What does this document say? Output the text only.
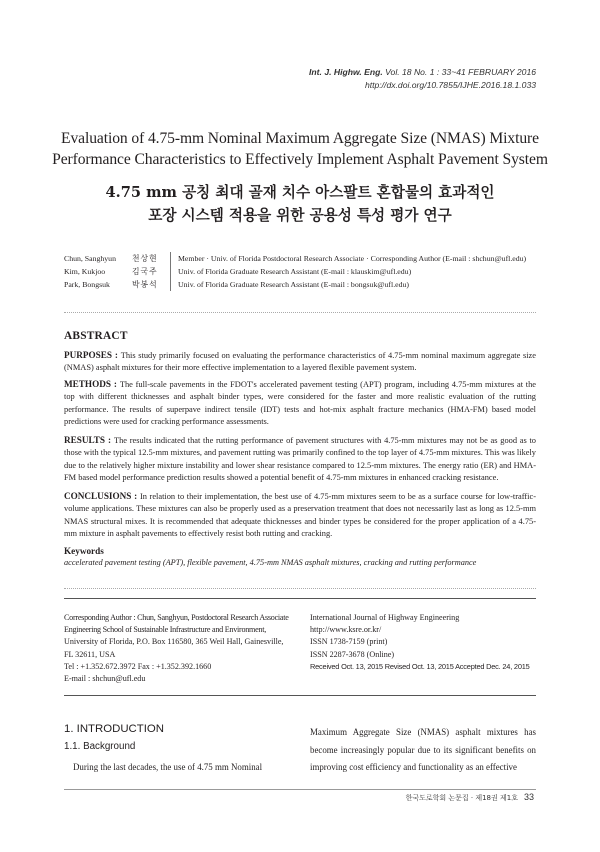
Int. J. Highw. Eng. Vol. 18 No. 1 : 33~41 FEBRUARY 2016
http://dx.doi.org/10.7855/IJHE.2016.18.1.033
Evaluation of 4.75-mm Nominal Maximum Aggregate Size (NMAS) Mixture
Performance Characteristics to Effectively Implement Asphalt Pavement System
4.75 mm 공칭 최대 골재 치수 아스팔트 혼합물의 효과적인
포장 시스템 적용을 위한 공용성 특성 평가 연구
Chun, Sanghyun	천상현	Member · Univ. of Florida Postdoctoral Research Associate · Corresponding Author (E-mail : shchun@ufl.edu)
Kim, Kukjoo	김국주	Univ. of Florida Graduate Research Assistant (E-mail : klauskim@ufl.edu)
Park, Bongsuk	박봉석	Univ. of Florida Graduate Research Assistant (E-mail : bongsuk@ufl.edu)
ABSTRACT
PURPOSES : This study primarily focused on evaluating the performance characteristics of 4.75-mm nominal maximum aggregate size (NMAS) asphalt mixtures for their more effective implementation to a layered flexible pavement system.
METHODS : The full-scale pavements in the FDOT's accelerated pavement testing (APT) program, including 4.75-mm mixtures at the top with different thicknesses and asphalt binder types, were considered for the faster and more realistic evaluation of the rutting performance. The results of superpave indirect tensile (IDT) tests and hot-mix asphalt fracture mechanics (HMA-FM) based model predictions were used for cracking performance assessments.
RESULTS : The results indicated that the rutting performance of pavement structures with 4.75-mm mixtures may not be as good as to those with the typical 12.5-mm mixtures, and pavement rutting was primarily confined to the top layer of 4.75-mm mixtures. This was likely due to the relatively higher mixture instability and lower shear resistance compared to 12.5-mm mixtures. The energy ratio (ER) and HMA-FM based model performance prediction results showed a potential benefit of 4.75-mm mixtures in enhanced cracking resistance.
CONCLUSIONS : In relation to their implementation, the best use of 4.75-mm mixtures seem to be as a surface course for low-traffic-volume applications. These mixtures can also be properly used as a preservation treatment that does not necessarily last as long as 12.5-mm NMAS structural mixes. It is recommended that adequate thicknesses and binder types be considered for the proper application of a 4.75-mm mixture in asphalt pavements to effectively resist both rutting and cracking.
Keywords
accelerated pavement testing (APT), flexible pavement, 4.75-mm NMAS asphalt mixtures, cracking and rutting performance
Corresponding Author : Chun, Sanghyun, Postdoctoral Research Associate
Engineering School of Sustainable Infrastructure and Environment,
University of Florida, P.O. Box 116580, 365 Weil Hall, Gainesville,
FL 32611, USA
Tel : +1.352.672.3972 Fax : +1.352.392.1660
E-mail : shchun@ufl.edu
International Journal of Highway Engineering
http://www.ksre.or.kr/
ISSN 1738-7159 (print)
ISSN 2287-3678 (Online)
Received Oct. 13, 2015 Revised Oct. 13, 2015 Accepted Dec. 24, 2015
1. INTRODUCTION
1.1. Background
During the last decades, the use of 4.75 mm Nominal
Maximum Aggregate Size (NMAS) asphalt mixtures has become increasingly popular due to its significant benefits on improving cost efficiency and functionality as an effective
한국도로학회 논문집 · 제18권 제1호 33
